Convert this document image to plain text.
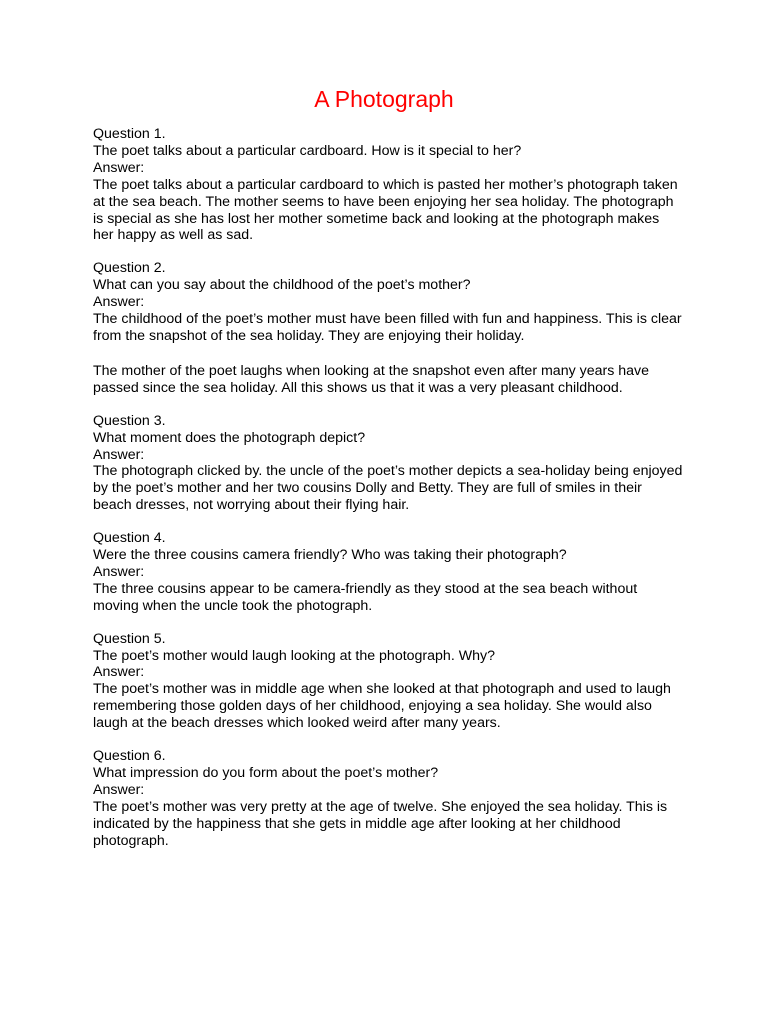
A Photograph

Question 1.

The poet talks about a particular cardboard. How is it special to her?

Answer:

The poet talks about a particular cardboard to which is pasted her mother’s photograph taken at the sea beach. The mother seems to have been enjoying her sea holiday. The photograph is special as she has lost her mother sometime back and looking at the photograph makes her happy as well as sad.

Question 2.

What can you say about the childhood of the poet’s mother?

Answer:

The childhood of the poet’s mother must have been filled with fun and happiness. This is clear from the snapshot of the sea holiday. They are enjoying their holiday.

The mother of the poet laughs when looking at the snapshot even after many years have passed since the sea holiday. All this shows us that it was a very pleasant childhood.

Question 3.

What moment does the photograph depict?

Answer:

The photograph clicked by. the uncle of the poet’s mother depicts a sea-holiday being enjoyed by the poet’s mother and her two cousins Dolly and Betty. They are full of smiles in their beach dresses, not worrying about their flying hair.

Question 4.

Were the three cousins camera friendly? Who was taking their photograph?

Answer:

The three cousins appear to be camera-friendly as they stood at the sea beach without moving when the uncle took the photograph.

Question 5.

The poet’s mother would laugh looking at the photograph. Why?

Answer:

The poet’s mother was in middle age when she looked at that photograph and used to laugh remembering those golden days of her childhood, enjoying a sea holiday. She would also laugh at the beach dresses which looked weird after many years.

Question 6.

What impression do you form about the poet’s mother?

Answer:

The poet’s mother was very pretty at the age of twelve. She enjoyed the sea holiday. This is indicated by the happiness that she gets in middle age after looking at her childhood photograph.
